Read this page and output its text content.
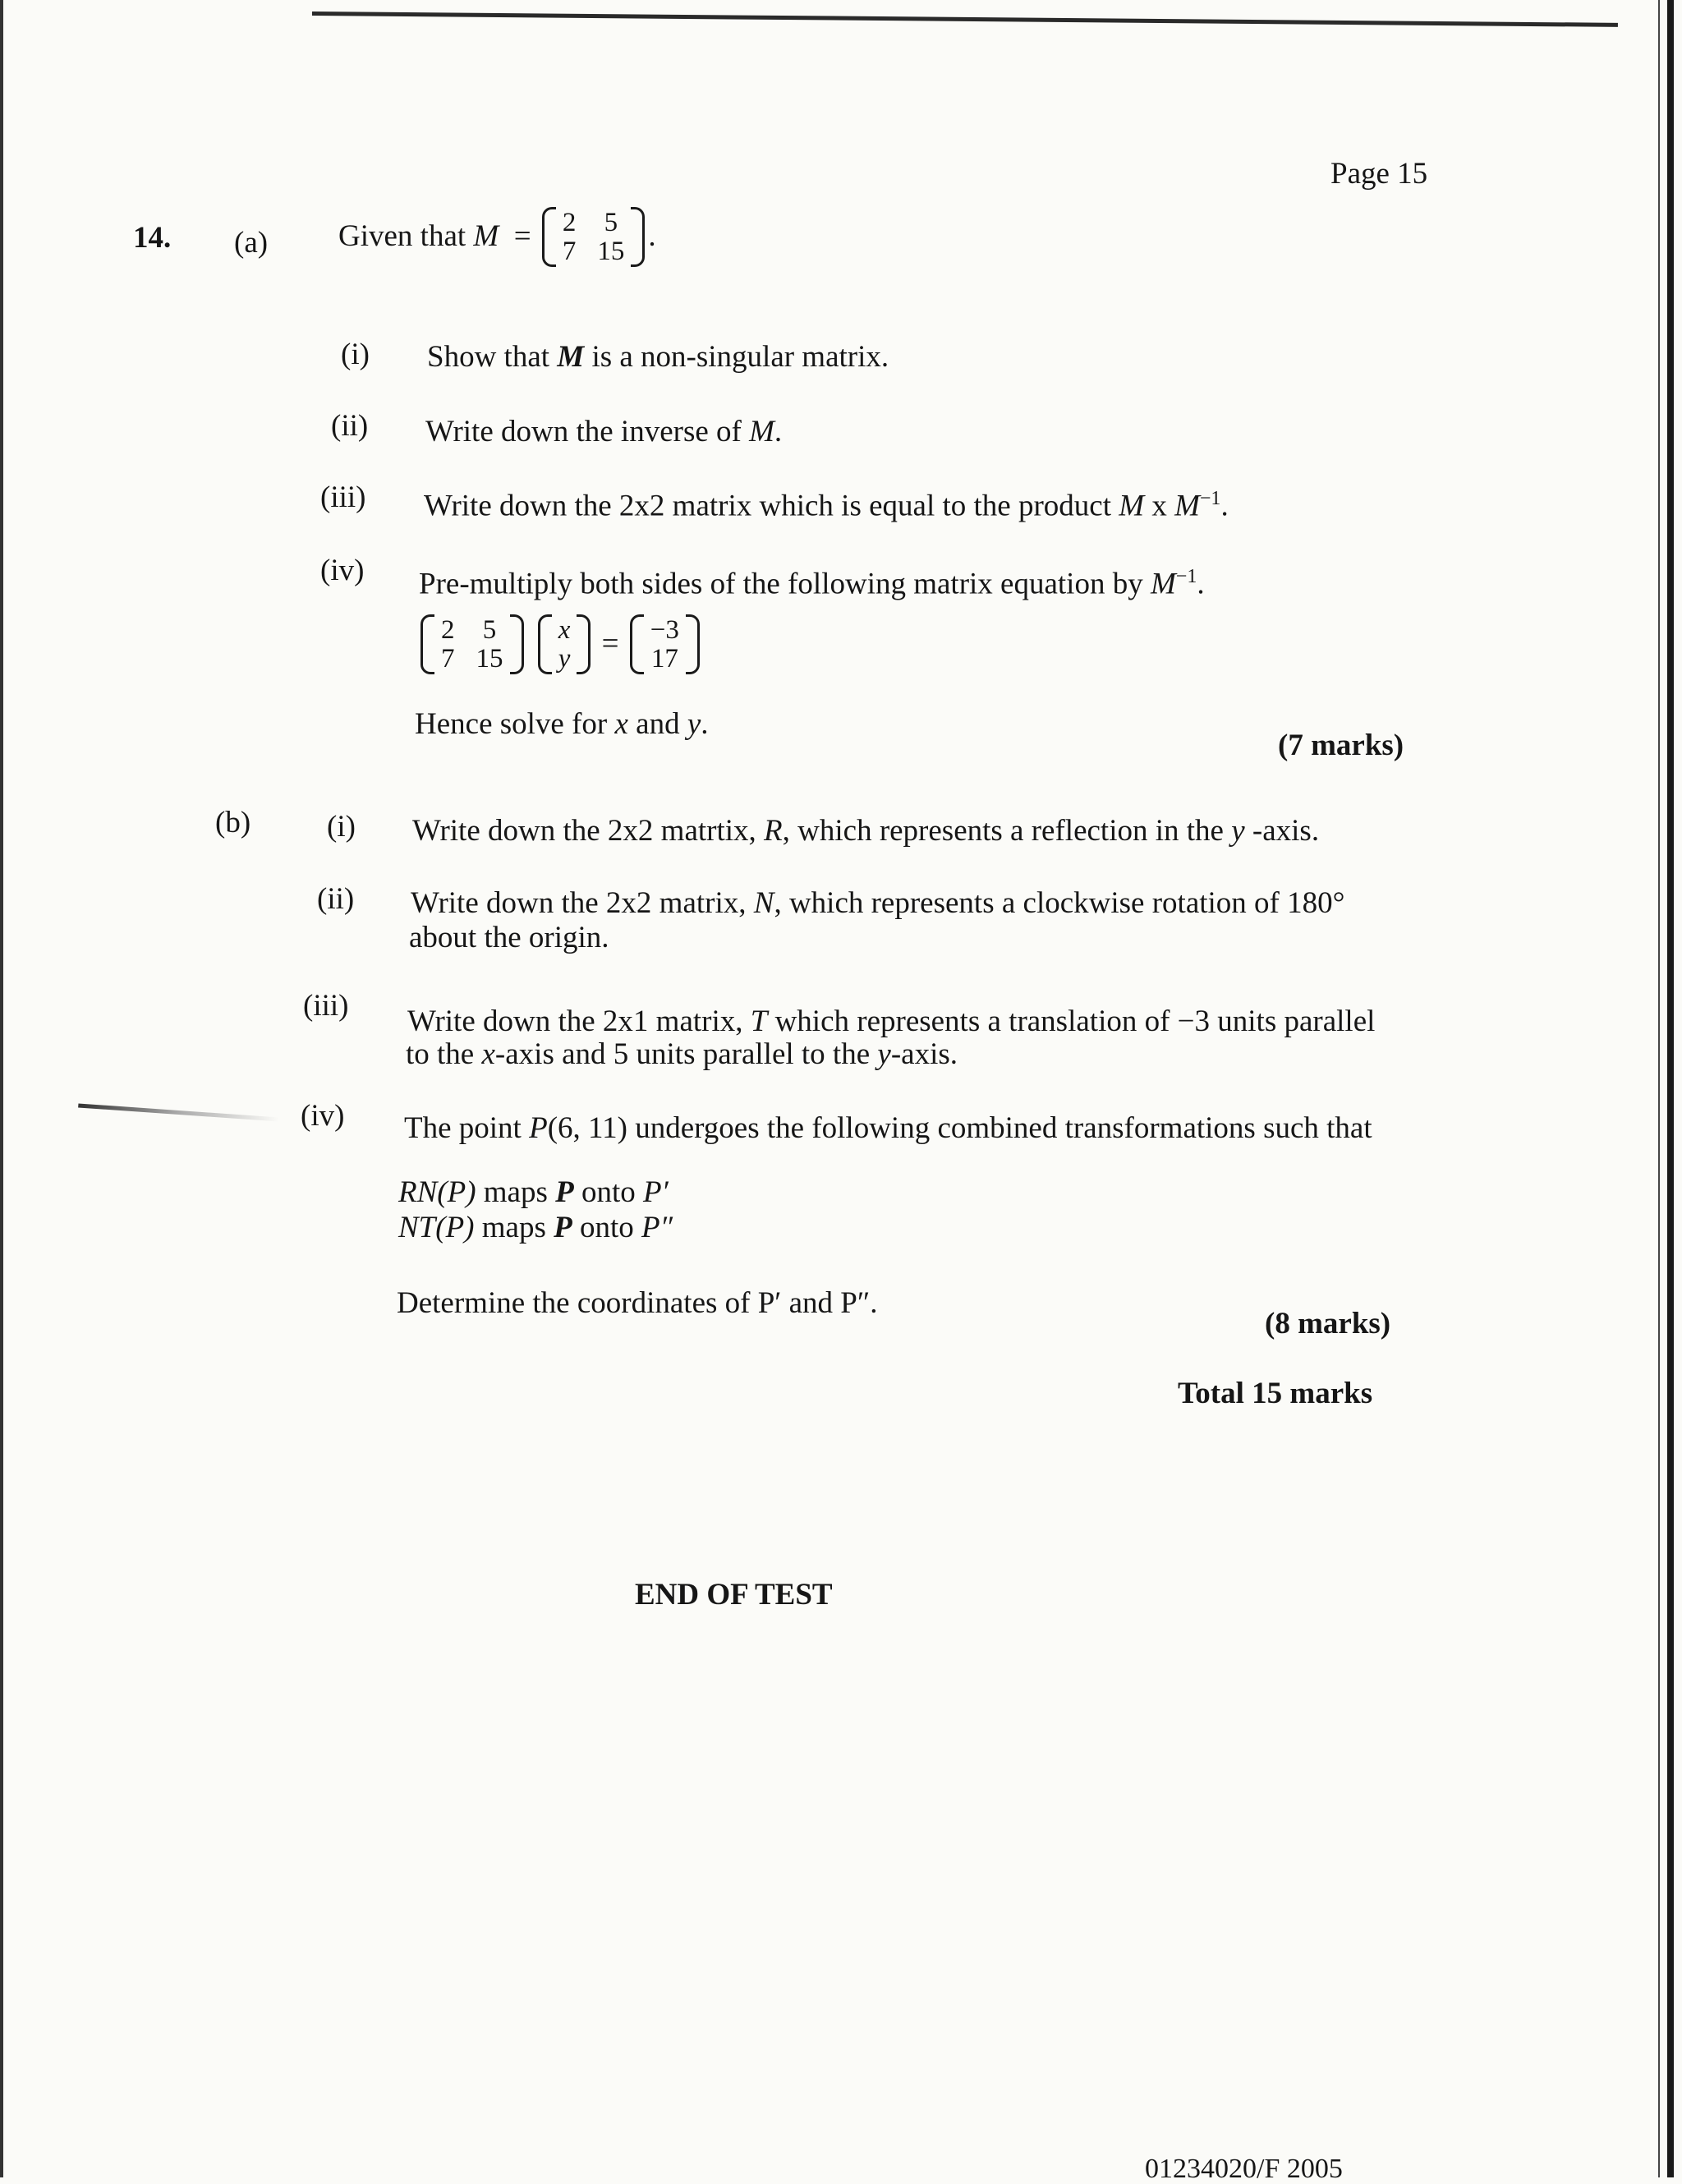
Page 15
14. (a) Given that
M
=
2 5
7 15 .
(i) Show that M is a non-singular matrix.
(ii) Write down the inverse of M.
(iii) Write down the 2x2 matrix which is equal to the product M x $M^{-1}$.
(iv) Pre-multiply both sides of the following matrix equation by $M^{-1}$.
2 5
7 15

x
y
=
−3
17
Hence solve for x and y.
(7 marks)
(b)	(i) Write down the 2x2 matrtix, R, which represents a reflection in the y -axis.
(ii) Write down the 2x2 matrix, N, which represents a clockwise rotation of 180°
about the origin.
(iii) Write down the 2x1 matrix, T which represents a translation of −3 units parallel
to the x-axis and 5 units parallel to the y-axis.
(iv) The point P(6, 11) undergoes the following combined transformations such that
RN(P) maps P onto P′
NT(P) maps P onto P″
Determine the coordinates of P′ and P″.
(8 marks)
Total 15 marks
END OF TEST
01234020/F 2005
